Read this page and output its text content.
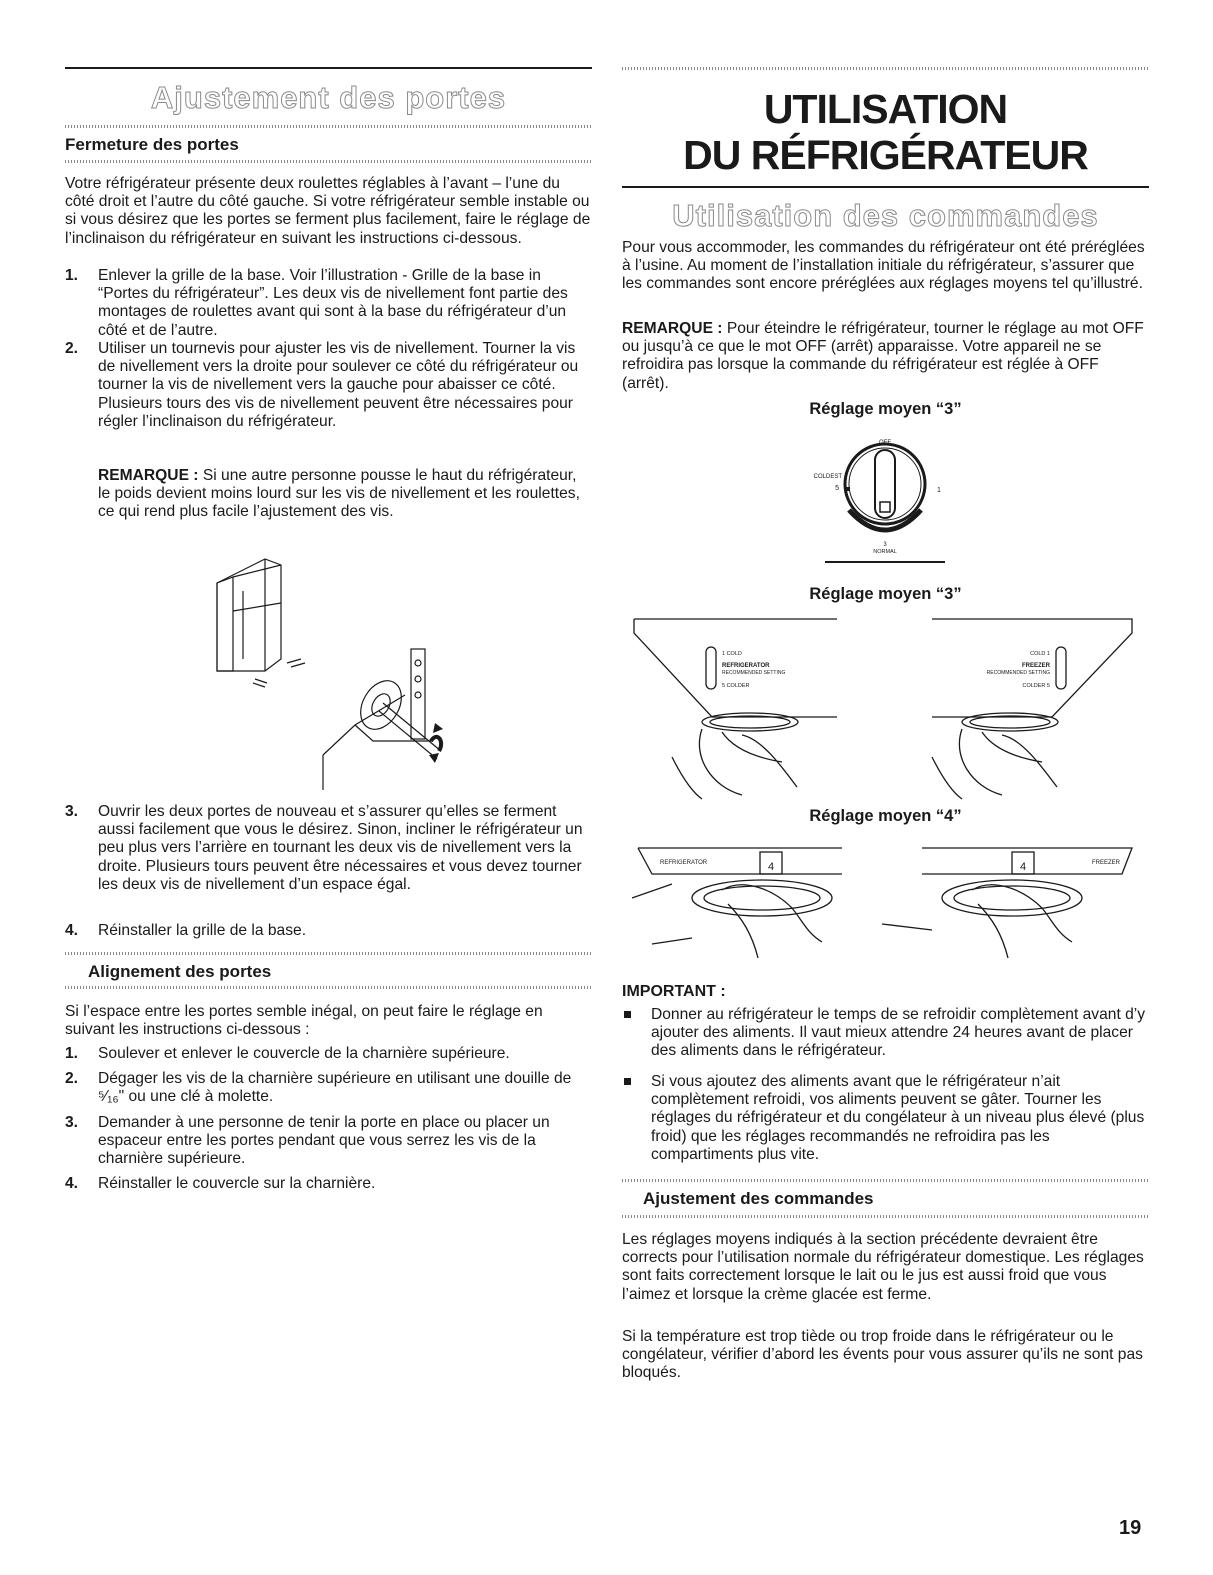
Ajustement des portes
Fermeture des portes

Votre réfrigérateur présente deux roulettes réglables à l’avant – l’une du côté droit et l’autre du côté gauche. Si votre réfrigérateur semble instable ou si vous désirez que les portes se ferment plus facilement, faire le réglage de l’inclinaison du réfrigérateur en suivant les instructions ci-dessous.

1. Enlever la grille de la base. Voir l’illustration - Grille de la base in “Portes du réfrigérateur”. Les deux vis de nivellement font partie des montages de roulettes avant qui sont à la base du réfrigérateur d’un côté et de l’autre.
2. Utiliser un tournevis pour ajuster les vis de nivellement. Tourner la vis de nivellement vers la droite pour soulever ce côté du réfrigérateur ou tourner la vis de nivellement vers la gauche pour abaisser ce côté. Plusieurs tours des vis de nivellement peuvent être nécessaires pour régler l’inclinaison du réfrigérateur.
REMARQUE : Si une autre personne pousse le haut du réfrigérateur, le poids devient moins lourd sur les vis de nivellement et les roulettes, ce qui rend plus facile l’ajustement des vis.
3. Ouvrir les deux portes de nouveau et s’assurer qu’elles se ferment aussi facilement que vous le désirez. Sinon, incliner le réfrigérateur un peu plus vers l’arrière en tournant les deux vis de nivellement vers la droite. Plusieurs tours peuvent être nécessaires et vous devez tourner les deux vis de nivellement d’un espace égal.
4. Réinstaller la grille de la base.
Alignement des portes

Si l’espace entre les portes semble inégal, on peut faire le réglage en suivant les instructions ci-dessous :

1. Soulever et enlever le couvercle de la charnière supérieure.
2. Dégager les vis de la charnière supérieure en utilisant une douille de ⁵⁄₁₆" ou une clé à molette.
3. Demander à une personne de tenir la porte en place ou placer un espaceur entre les portes pendant que vous serrez les vis de la charnière supérieure.
4. Réinstaller le couvercle sur la charnière.
UTILISATION
DU RÉFRIGÉRATEUR
Utilisation des commandes

Pour vous accommoder, les commandes du réfrigérateur ont été préréglées à l’usine. Au moment de l’installation initiale du réfrigérateur, s’assurer que les commandes sont encore préréglées aux réglages moyens tel qu’illustré.

REMARQUE : Pour éteindre le réfrigérateur, tourner le réglage au mot OFF ou jusqu’à ce que le mot OFF (arrêt) apparaisse. Votre appareil ne se refroidira pas lorsque la commande du réfrigérateur est réglée à OFF (arrêt).
Réglage moyen “3”
OFF
COLDEST
5	1
3
NORMAL
Réglage moyen “3”
1 COLD
REFRIGERATOR
RECOMMENDED SETTING
5 COLDER
COLD 1
FREEZER
RECOMMENDED SETTING
COLDER 5
Réglage moyen “4”
REFRIGERATOR	FREEZER
4	4
IMPORTANT :
Donner au réfrigérateur le temps de se refroidir complètement avant d’y ajouter des aliments. Il vaut mieux attendre 24 heures avant de placer des aliments dans le réfrigérateur.
Si vous ajoutez des aliments avant que le réfrigérateur n’ait complètement refroidi, vos aliments peuvent se gâter. Tourner les réglages du réfrigérateur et du congélateur à un niveau plus élevé (plus froid) que les réglages recommandés ne refroidira pas les compartiments plus vite.
Ajustement des commandes

Les réglages moyens indiqués à la section précédente devraient être corrects pour l’utilisation normale du réfrigérateur domestique. Les réglages sont faits correctement lorsque le lait ou le jus est aussi froid que vous l’aimez et lorsque la crème glacée est ferme.

Si la température est trop tiède ou trop froide dans le réfrigérateur ou le congélateur, vérifier d’abord les évents pour vous assurer qu’ils ne sont pas bloqués.

19
